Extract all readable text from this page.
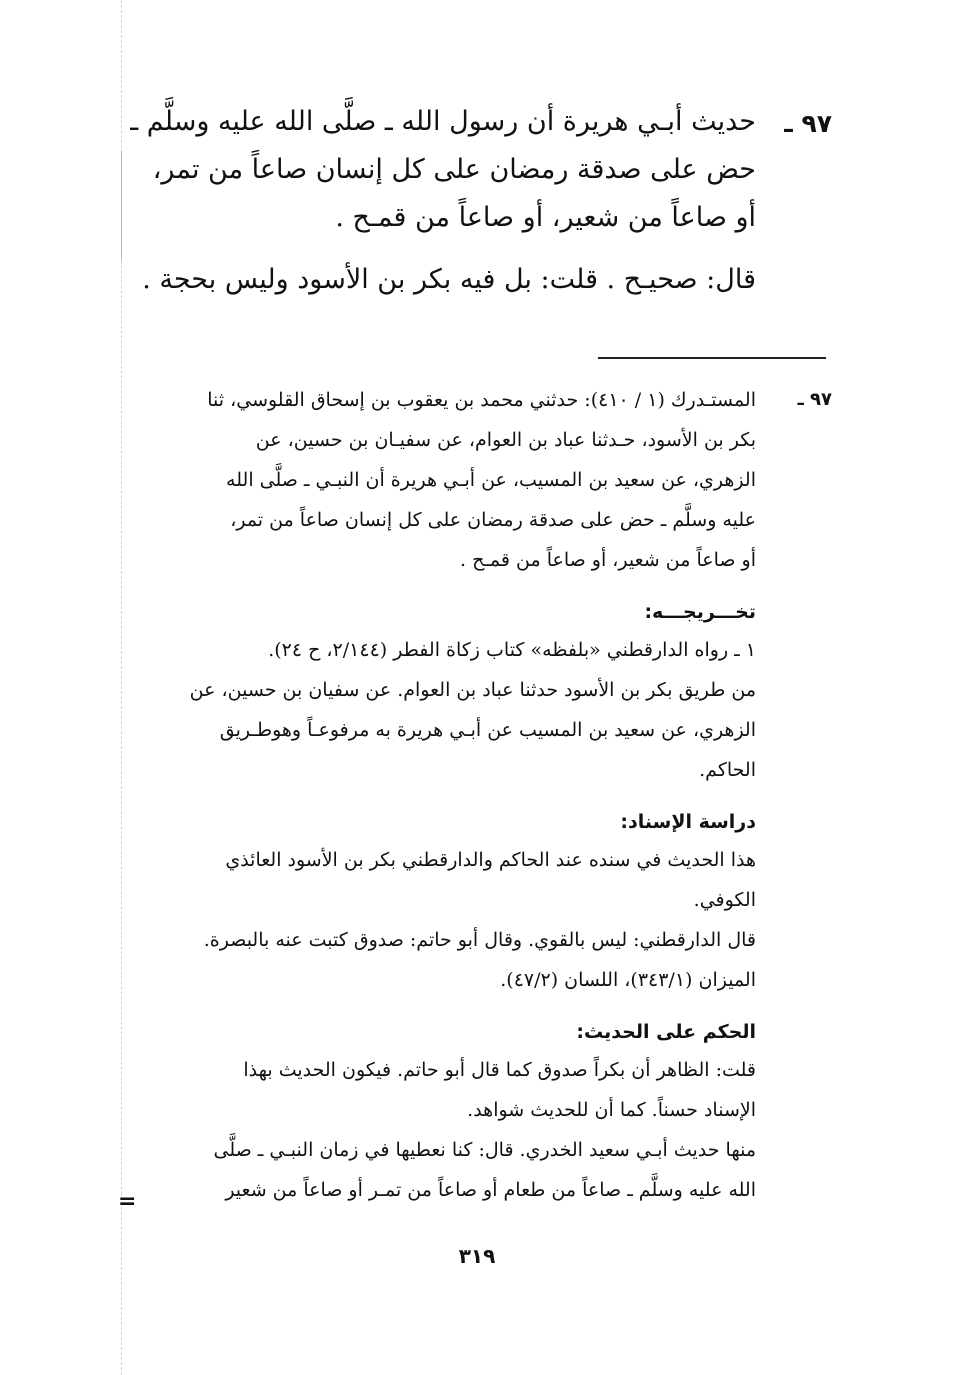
٩٧ ـ
حديث أبـي هريرة أن رسول الله ـ صلَّى الله عليه وسلَّم ـ
حض على صدقة رمضان على كل إنسان صاعاً من تمر،
أو صاعاً من شعير، أو صاعاً من قمـح .
قال: صحيـح . قلت: بل فيه بكر بن الأسود وليس بحجة .
٩٧ ـ
المستـدرك (١ / ٤١٠): حدثني محمد بن يعقوب بن إسحاق القلوسي، ثنا
بكر بن الأسود، حـدثنا عباد بن العوام، عن سفيـان بن حسين، عن
الزهري، عن سعيد بن المسيب، عن أبـي هريرة أن النبـي ـ صلَّى الله
عليه وسلَّم ـ حض على صدقة رمضان على كل إنسان صاعاً من تمر،
أو صاعاً من شعير، أو صاعاً من قمـح .
تخـــريجـــه:
١ ـ رواه الدارقطني «بلفظه» كتاب زكاة الفطر (٢/١٤٤، ح ٢٤).
من طريق بكر بن الأسود حدثنا عباد بن العوام. عن سفيان بن حسين، عن
الزهري، عن سعيد بن المسيب عن أبـي هريرة به مرفوعـاً وهوطـريق
الحاكم.
دراسة الإسناد:
هذا الحديث في سنده عند الحاكم والدارقطني بكر بن الأسود العائذي
الكوفي.
قال الدارقطني: ليس بالقوي. وقال أبو حاتم: صدوق كتبت عنه بالبصرة.
الميزان (٣٤٣/١)، اللسان (٤٧/٢).
الحكم على الحديث:
قلت: الظاهر أن بكراً صدوق كما قال أبو حاتم. فيكون الحديث بهذا
الإسناد حسناً. كما أن للحديث شواهد.
منها حديث أبـي سعيد الخدري. قال: كنا نعطيها في زمان النبـي ـ صلَّى
الله عليه وسلَّم ـ صاعاً من طعام أو صاعاً من تمـر أو صاعاً من شعير
=
٣١٩
